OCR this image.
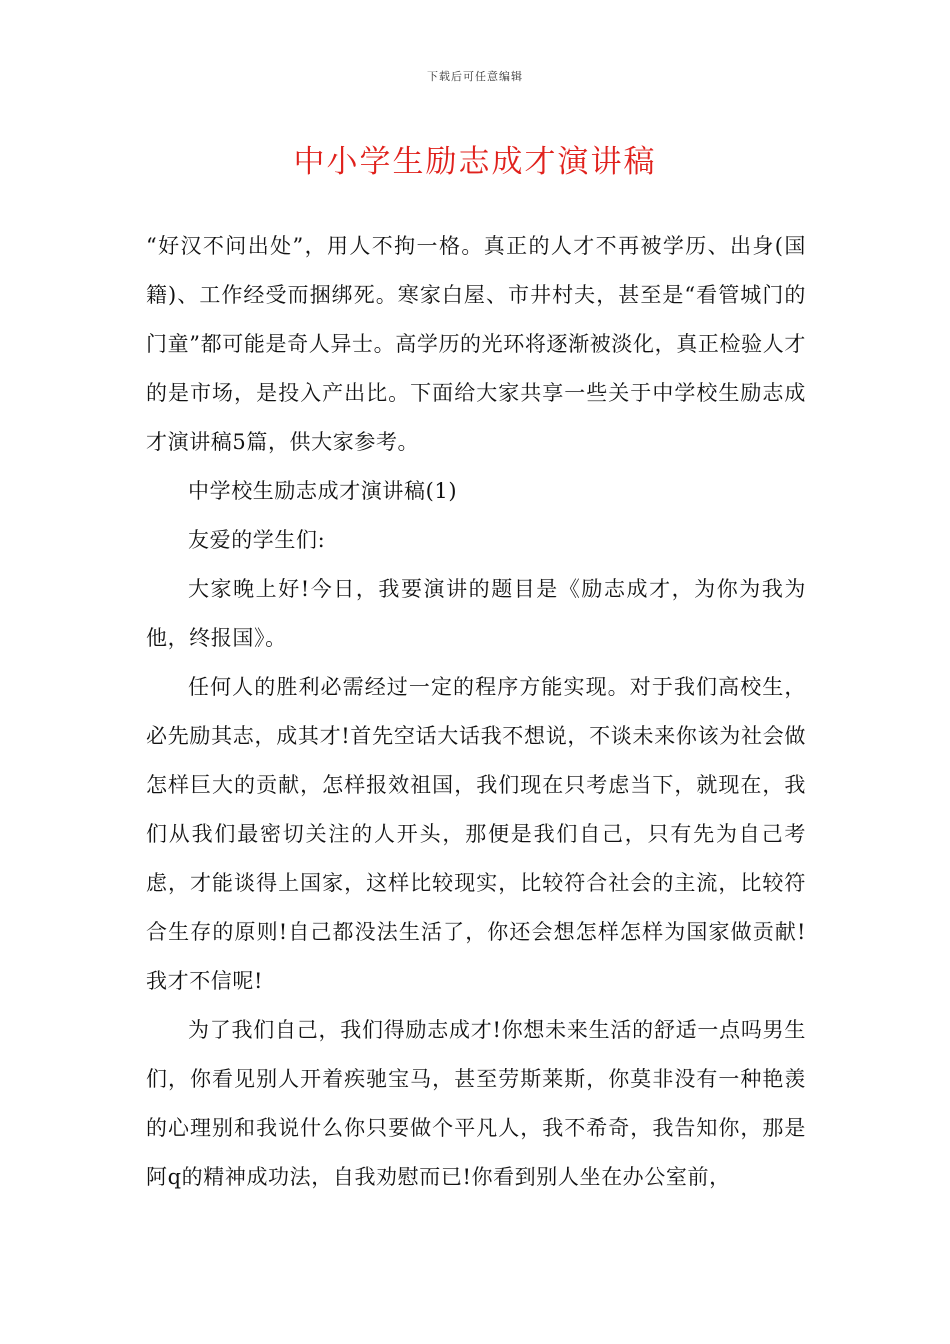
下载后可任意编辑
中小学生励志成才演讲稿

“好汉不问出处”，用人不拘一格。真正的人才不再被学历、出身(国籍)、工作经受而捆绑死。寒家白屋、市井村夫，甚至是“看管城门的门童”都可能是奇人异士。高学历的光环将逐渐被淡化，真正检验人才的是市场，是投入产出比。下面给大家共享一些关于中学校生励志成才演讲稿5篇，供大家参考。

中学校生励志成才演讲稿(1)

友爱的学生们:

大家晚上好!今日，我要演讲的题目是《励志成才，为你为我为他，终报国》。

任何人的胜利必需经过一定的程序方能实现。对于我们高校生，必先励其志，成其才!首先空话大话我不想说，不谈未来你该为社会做怎样巨大的贡献，怎样报效祖国，我们现在只考虑当下，就现在，我们从我们最密切关注的人开头，那便是我们自己，只有先为自己考虑，才能谈得上国家，这样比较现实，比较符合社会的主流，比较符合生存的原则!自己都没法生活了，你还会想怎样怎样为国家做贡献!我才不信呢!

为了我们自己，我们得励志成才!你想未来生活的舒适一点吗男生们，你看见别人开着疾驰宝马，甚至劳斯莱斯，你莫非没有一种艳羡的心理别和我说什么你只要做个平凡人，我不希奇，我告知你，那是阿q的精神成功法，自我劝慰而已!你看到别人坐在办公室前，
